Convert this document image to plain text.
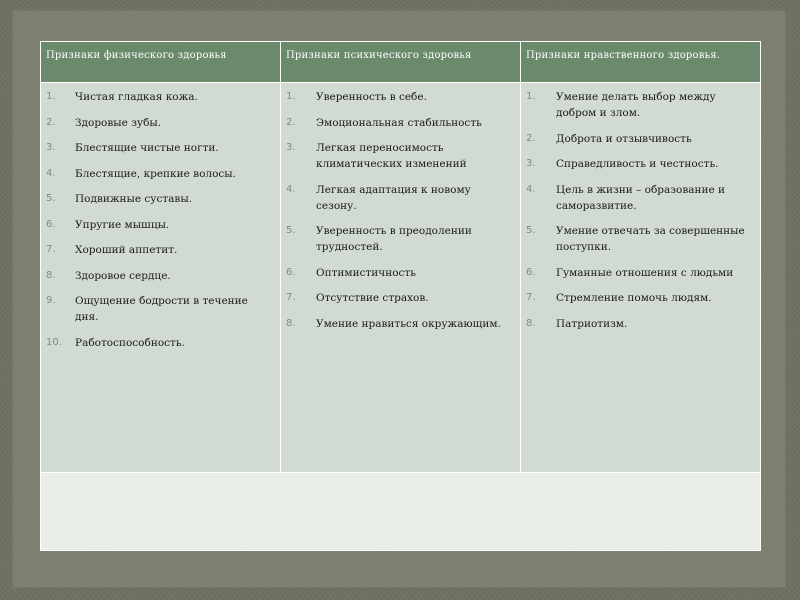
Признаки физического здоровья	Признаки психического здоровья	Признаки нравственного здоровья.
1. Чистая гладкая кожа.
2. Здоровые зубы.
3. Блестящие чистые ногти.
4. Блестящие, крепкие волосы.
5. Подвижные суставы.
6. Упругие мышцы.
7. Хороший аппетит.
8. Здоровое сердце.
9. Ощущение бодрости в течение дня.
10. Работоспособность.
1. Уверенность в себе.
2. Эмоциональная стабильность
3. Легкая переносимость климатических изменений
4. Легкая адаптация к новому сезону.
5. Уверенность в преодолении трудностей.
6. Оптимистичность
7. Отсутствие страхов.
8. Умение нравиться окружающим.
1. Умение делать выбор между добром и злом.
2. Доброта и отзывчивость
3. Справедливость и честность.
4. Цель в жизни – образование и саморазвитие.
5. Умение отвечать за совершенные поступки.
6. Гуманные отношения с людьми
7. Стремление помочь людям.
8. Патриотизм.
